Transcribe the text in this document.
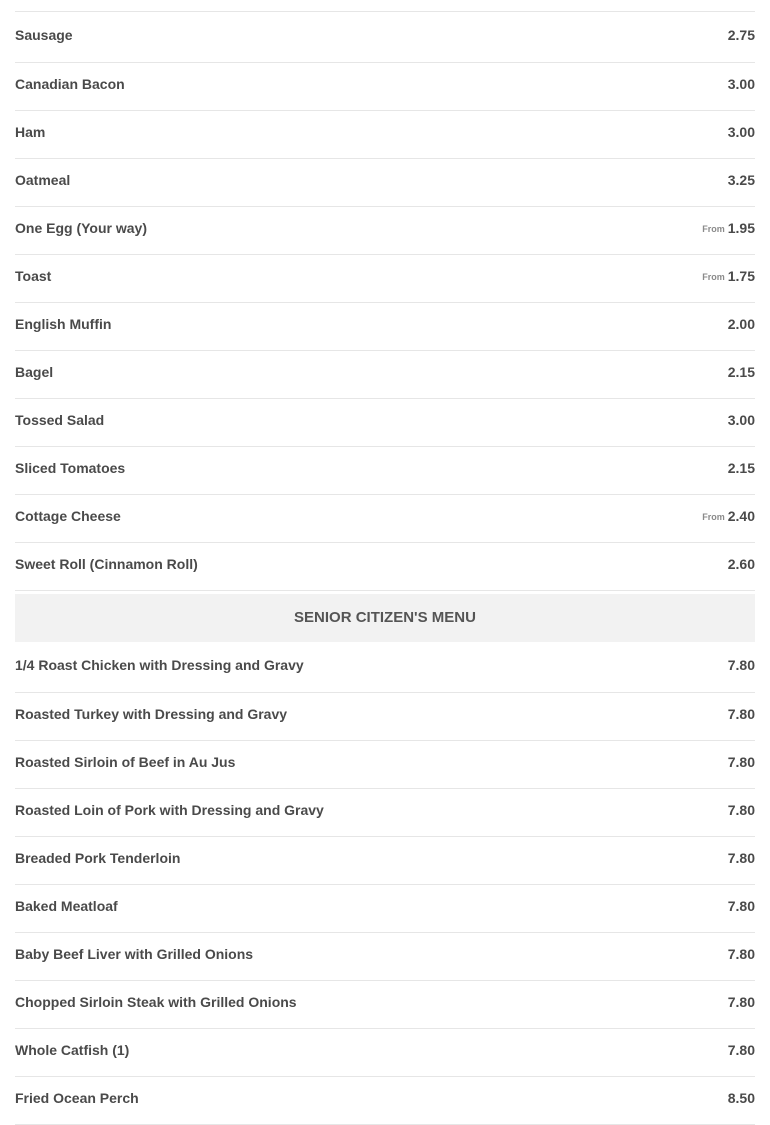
Sausage	2.75
Canadian Bacon	3.00
Ham	3.00
Oatmeal	3.25
One Egg (Your way)	From 1.95
Toast	From 1.75
English Muffin	2.00
Bagel	2.15
Tossed Salad	3.00
Sliced Tomatoes	2.15
Cottage Cheese	From 2.40
Sweet Roll (Cinnamon Roll)	2.60
SENIOR CITIZEN'S MENU
1/4 Roast Chicken with Dressing and Gravy	7.80
Roasted Turkey with Dressing and Gravy	7.80
Roasted Sirloin of Beef in Au Jus	7.80
Roasted Loin of Pork with Dressing and Gravy	7.80
Breaded Pork Tenderloin	7.80
Baked Meatloaf	7.80
Baby Beef Liver with Grilled Onions	7.80
Chopped Sirloin Steak with Grilled Onions	7.80
Whole Catfish (1)	7.80
Fried Ocean Perch	8.50
